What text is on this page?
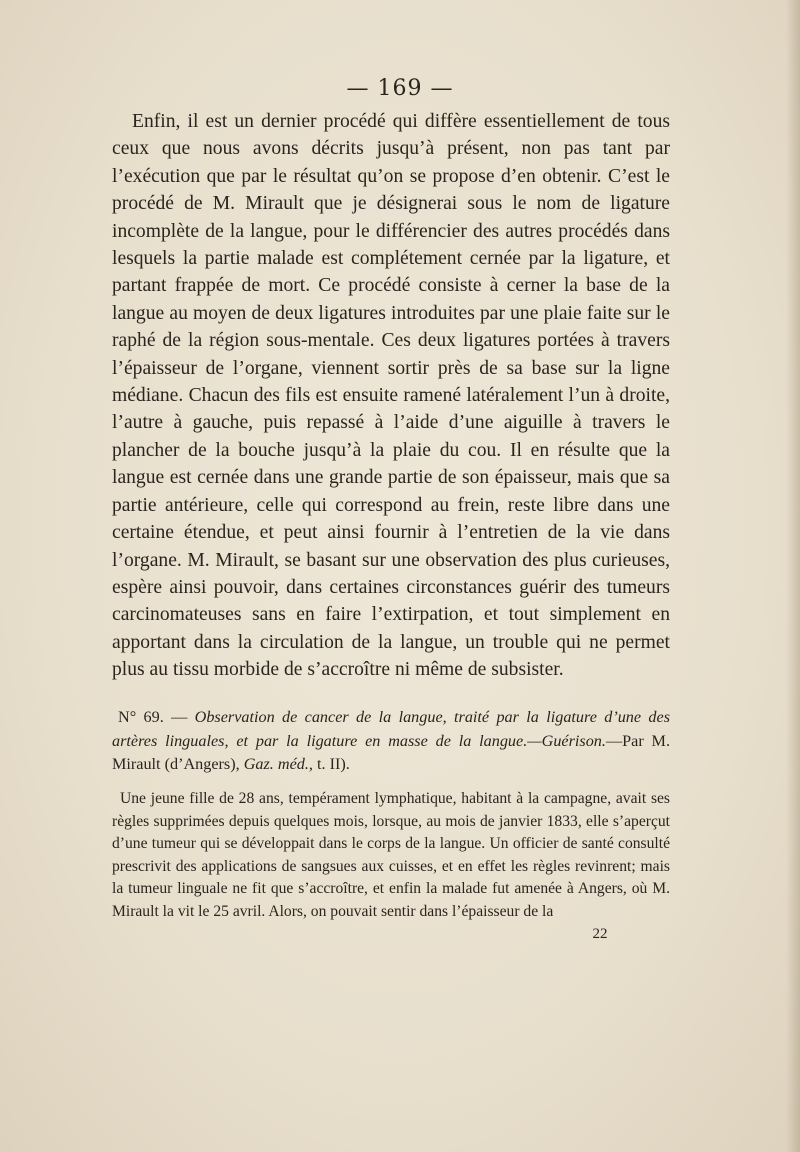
— 169 —

Enfin, il est un dernier procédé qui diffère essentiellement de tous ceux que nous avons décrits jusqu’à présent, non pas tant par l’exécution que par le résultat qu’on se propose d’en obtenir. C’est le procédé de M. Mirault que je désignerai sous le nom de ligature incomplète de la langue, pour le différencier des autres procédés dans lesquels la partie malade est complétement cernée par la ligature, et partant frappée de mort. Ce procédé consiste à cerner la base de la langue au moyen de deux ligatures introduites par une plaie faite sur le raphé de la région sous-mentale. Ces deux ligatures portées à travers l’épaisseur de l’organe, viennent sortir près de sa base sur la ligne médiane. Chacun des fils est ensuite ramené latéralement l’un à droite, l’autre à gauche, puis repassé à l’aide d’une aiguille à travers le plancher de la bouche jusqu’à la plaie du cou. Il en résulte que la langue est cernée dans une grande partie de son épaisseur, mais que sa partie antérieure, celle qui correspond au frein, reste libre dans une certaine étendue, et peut ainsi fournir à l’entretien de la vie dans l’organe. M. Mirault, se basant sur une observation des plus curieuses, espère ainsi pouvoir, dans certaines circonstances guérir des tumeurs carcinomateuses sans en faire l’extirpation, et tout simplement en apportant dans la circulation de la langue, un trouble qui ne permet plus au tissu morbide de s’accroître ni même de subsister.

N° 69. — Observation de cancer de la langue, traité par la ligature d’une des artères linguales, et par la ligature en masse de la langue.—Guérison.—Par M. Mirault (d’Angers), Gaz. méd., t. II).

Une jeune fille de 28 ans, tempérament lymphatique, habitant à la campagne, avait ses règles supprimées depuis quelques mois, lorsque, au mois de janvier 1833, elle s’aperçut d’une tumeur qui se développait dans le corps de la langue. Un officier de santé consulté prescrivit des applications de sangsues aux cuisses, et en effet les règles revinrent; mais la tumeur linguale ne fit que s’accroître, et enfin la malade fut amenée à Angers, où M. Mirault la vit le 25 avril. Alors, on pouvait sentir dans l’épaisseur de la

22
